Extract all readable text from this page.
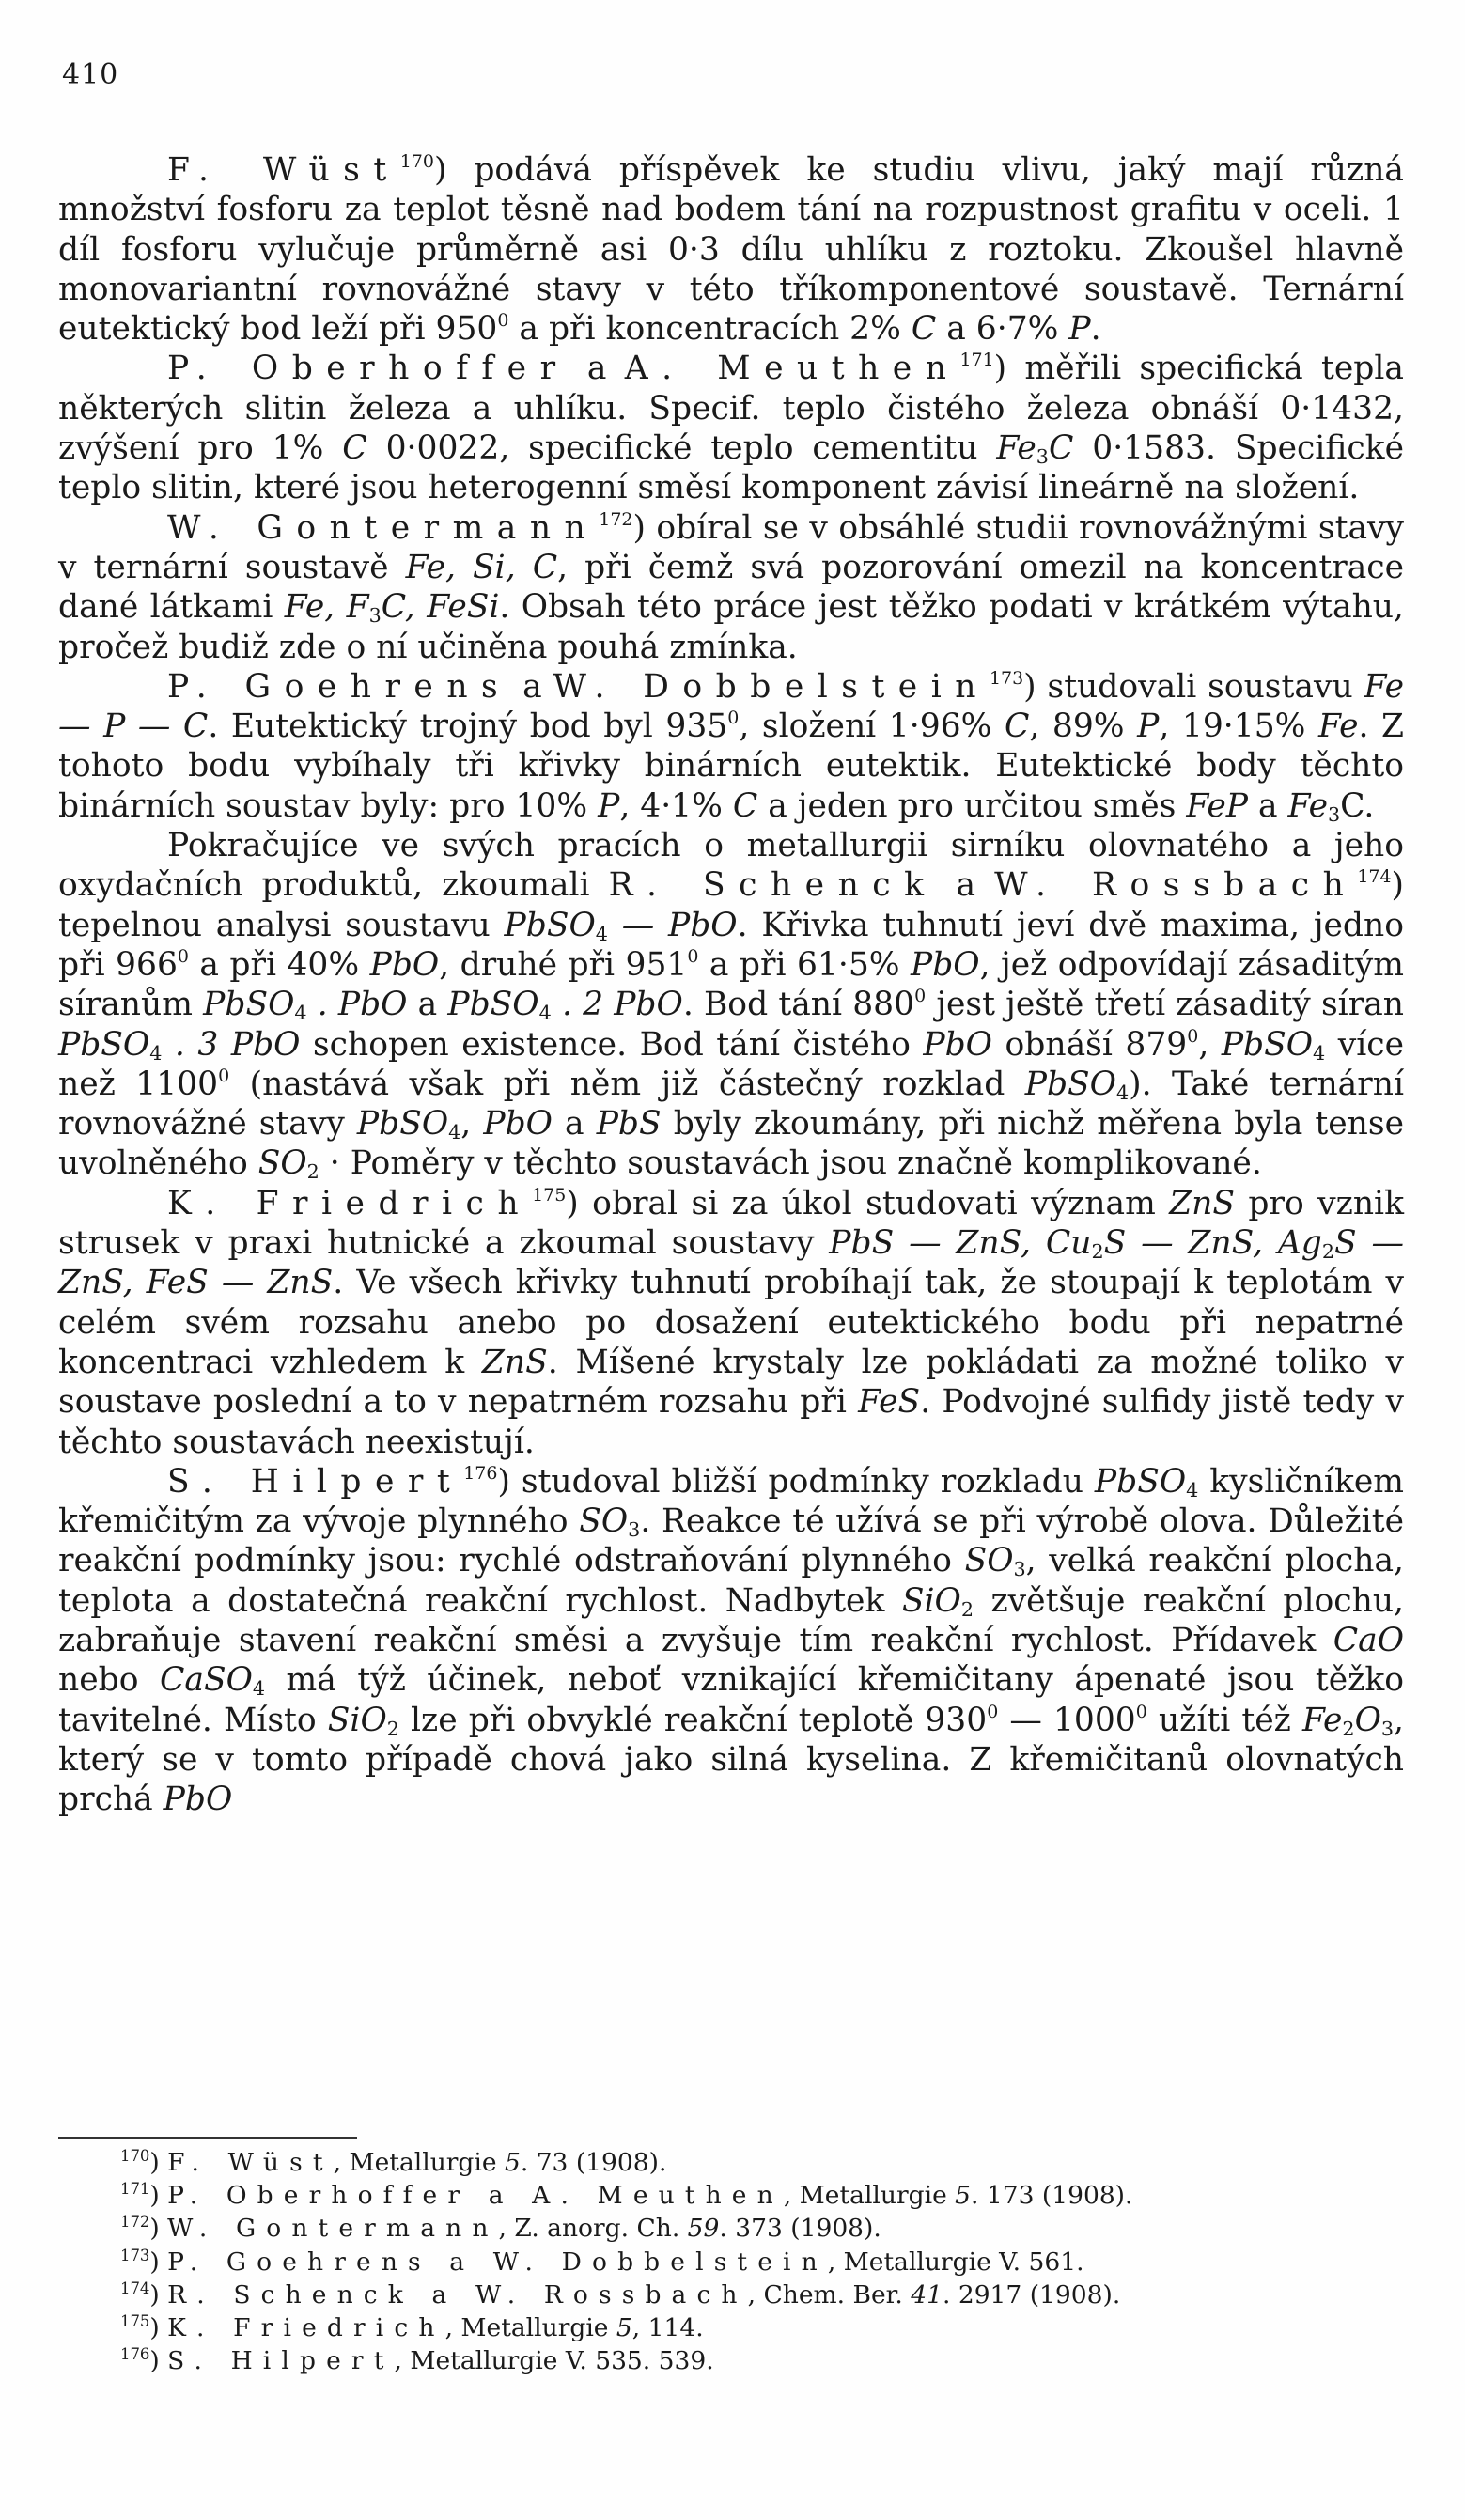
410

F. Wüst$^{170}$) podává příspěvek ke studiu vlivu, jaký mají různá množství fosforu za teplot těsně nad bodem tání na rozpustnost grafitu v oceli. 1 díl fosforu vylučuje průměrně asi 0·3 dílu uhlíku z roztoku. Zkoušel hlavně monovariantní rovnovážné stavy v této tříkomponentové soustavě. Ternární eutektický bod leží při $950^0$ a při koncentracích 2% C a 6·7% P.

P. Oberhoffer a A. Meuthen$^{171}$) měřili specifická tepla některých slitin železa a uhlíku. Specif. teplo čistého železa obnáší 0·1432, zvýšení pro 1% C 0·0022, specifické teplo cementitu $Fe_3C$ 0·1583. Specifické teplo slitin, které jsou heterogenní směsí komponent závisí lineárně na složení.

W. Gontermann$^{172}$) obíral se v obsáhlé studii rovnovážnými stavy v ternární soustavě Fe, Si, C, při čemž svá pozorování omezil na koncentrace dané látkami Fe, $F_3C$, FeSi. Obsah této práce jest těžko podati v krátkém výtahu, pročež budiž zde o ní učiněna pouhá zmínka.

P. Goehrens a W. Dobbelstein$^{173}$) studovali soustavu Fe — P — C. Eutektický trojný bod byl $935^0$, složení 1·96% C, 89% P, 19·15% Fe. Z tohoto bodu vybíhaly tři křivky binárních eutektik. Eutektické body těchto binárních soustav byly: pro 10% P, 4·1% C a jeden pro určitou směs FeP a $Fe_3C$.

Pokračujíce ve svých pracích o metallurgii sirníku olovnatého a jeho oxydačních produktů, zkoumali R. Schenck a W. Rossbach$^{174}$) tepelnou analysi soustavu PbSO$_4$ — PbO. Křivka tuhnutí jeví dvě maxima, jedno při $966^0$ a při 40% PbO, druhé při $951^0$ a při 61·5% PbO, jež odpovídají zásaditým síranům PbSO$_4$ . PbO a PbSO$_4$ . 2 PbO. Bod tání $880^0$ jest ještě třetí zásaditý síran PbSO$_4$ . 3 PbO schopen existence. Bod tání čistého PbO obnáší $879^0$, PbSO$_4$ více než 1100$^0$ (nastává však při něm již částečný rozklad PbSO$_4$). Také ternární rovnovážné stavy PbSO$_4$, PbO a PbS byly zkoumány, při nichž měřena byla tense uvolněného $SO_2$ · Poměry v těchto soustavách jsou značně komplikované.

K. Friedrich$^{175}$) obral si za úkol studovati význam ZnS pro vznik strusek v praxi hutnické a zkoumal soustavy PbS — ZnS, $Cu_2S$ — ZnS, $Ag_2S$ — ZnS, FeS — ZnS. Ve všech křivky tuhnutí probíhají tak, že stoupají k teplotám v celém svém rozsahu anebo po dosažení eutektického bodu při nepatrné koncentraci vzhledem k ZnS. Míšené krystaly lze pokládati za možné toliko v soustave poslední a to v nepatrném rozsahu při FeS. Podvojné sulfidy jistě tedy v těchto soustavách neexistují.

S. Hilpert$^{176}$) studoval bližší podmínky rozkladu PbSO$_4$ kysličníkem křemičitým za vývoje plynného $SO_3$. Reakce té užívá se při výrobě olova. Důležité reakční podmínky jsou: rychlé odstraňování plynného $SO_3$, velká reakční plocha, teplota a dostatečná reakční rychlost. Nadbytek SiO$_2$ zvětšuje reakční plochu, zabraňuje stavení reakční směsi a zvyšuje tím reakční rychlost. Přídavek CaO nebo CaSO$_4$ má týž účinek, neboť vznikající křemičitany ápenaté jsou těžko tavitelné. Místo SiO$_2$ lze při obvyklé reakční teplotě $930^0$ — 1000$^0$ užíti též $Fe_2O_3$, který se v tomto případě chová jako silná kyselina. Z křemičitanů olovnatých prchá PbO

$^{170}$) F. Wüst, Metallurgie 5. 73 (1908).
$^{171}$) P. Oberhoffer a A. Meuthen, Metallurgie 5. 173 (1908).
$^{172}$) W. Gontermann, Z. anorg. Ch. 59. 373 (1908).
$^{173}$) P. Goehrens a W. Dobbelstein, Metallurgie V. 561.
$^{174}$) R. Schenck a W. Rossbach, Chem. Ber. 41. 2917 (1908).
$^{175}$) K. Friedrich, Metallurgie 5, 114.
$^{176}$) S. Hilpert, Metallurgie V. 535. 539.
